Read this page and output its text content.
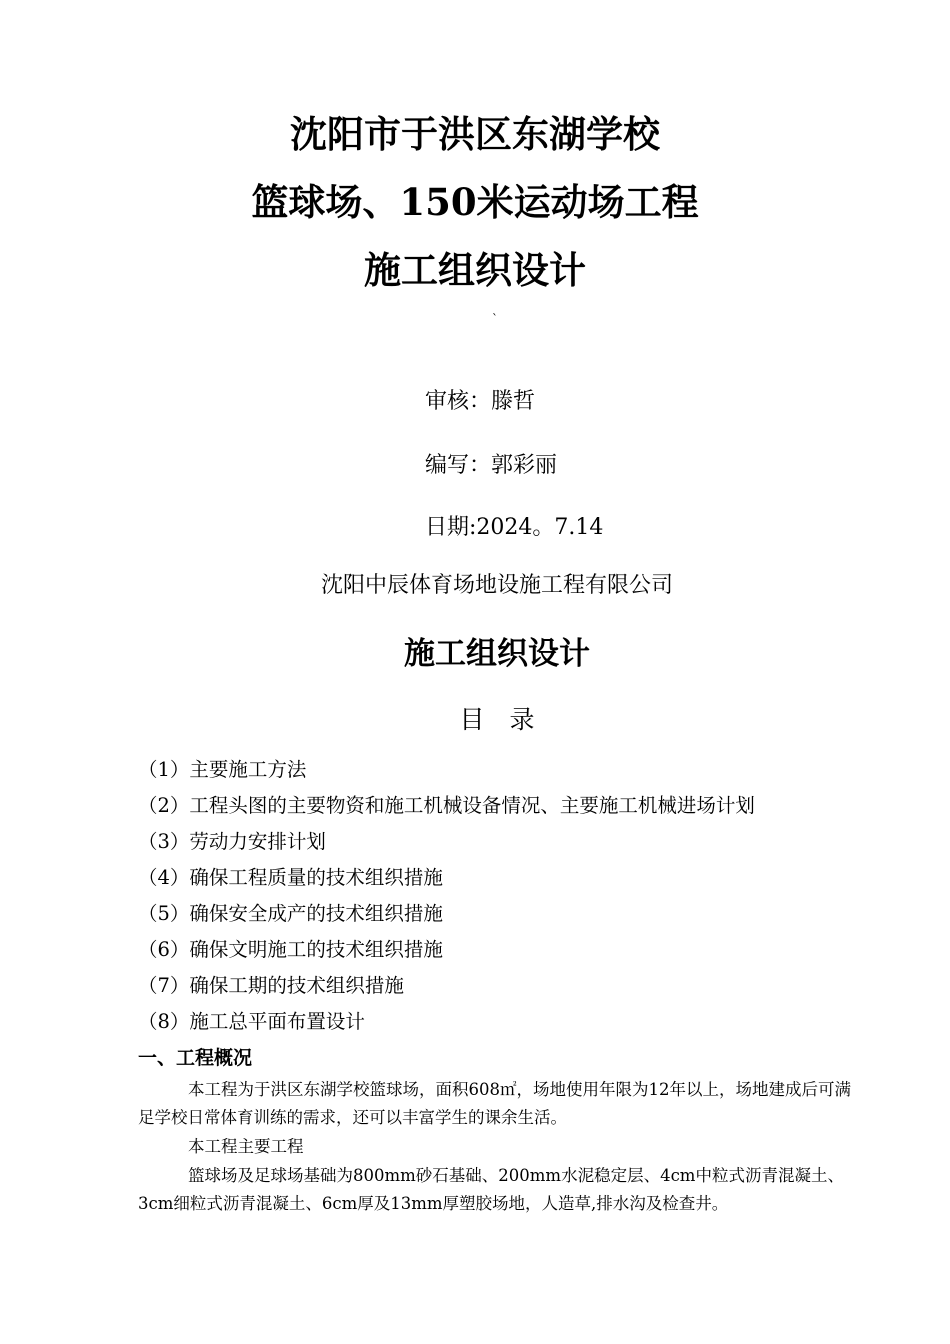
沈阳市于洪区东湖学校
篮球场、150米运动场工程
施工组织设计
`
审核：滕哲
编写：郭彩丽
日期:2024。7.14
沈阳中辰体育场地设施工程有限公司
施工组织设计
目　录
（1）主要施工方法
（2）工程头图的主要物资和施工机械设备情况、主要施工机械进场计划
（3）劳动力安排计划
（4）确保工程质量的技术组织措施
（5）确保安全成产的技术组织措施
（6）确保文明施工的技术组织措施
（7）确保工期的技术组织措施
（8）施工总平面布置设计
一、工程概况

本工程为于洪区东湖学校篮球场，面积608㎡，场地使用年限为12年以上，场地建成后可满足学校日常体育训练的需求，还可以丰富学生的课余生活。

本工程主要工程

篮球场及足球场基础为800mm砂石基础、200mm水泥稳定层、4cm中粒式沥青混凝土、3cm细粒式沥青混凝土、6cm厚及13mm厚塑胶场地，人造草,排水沟及检查井。
